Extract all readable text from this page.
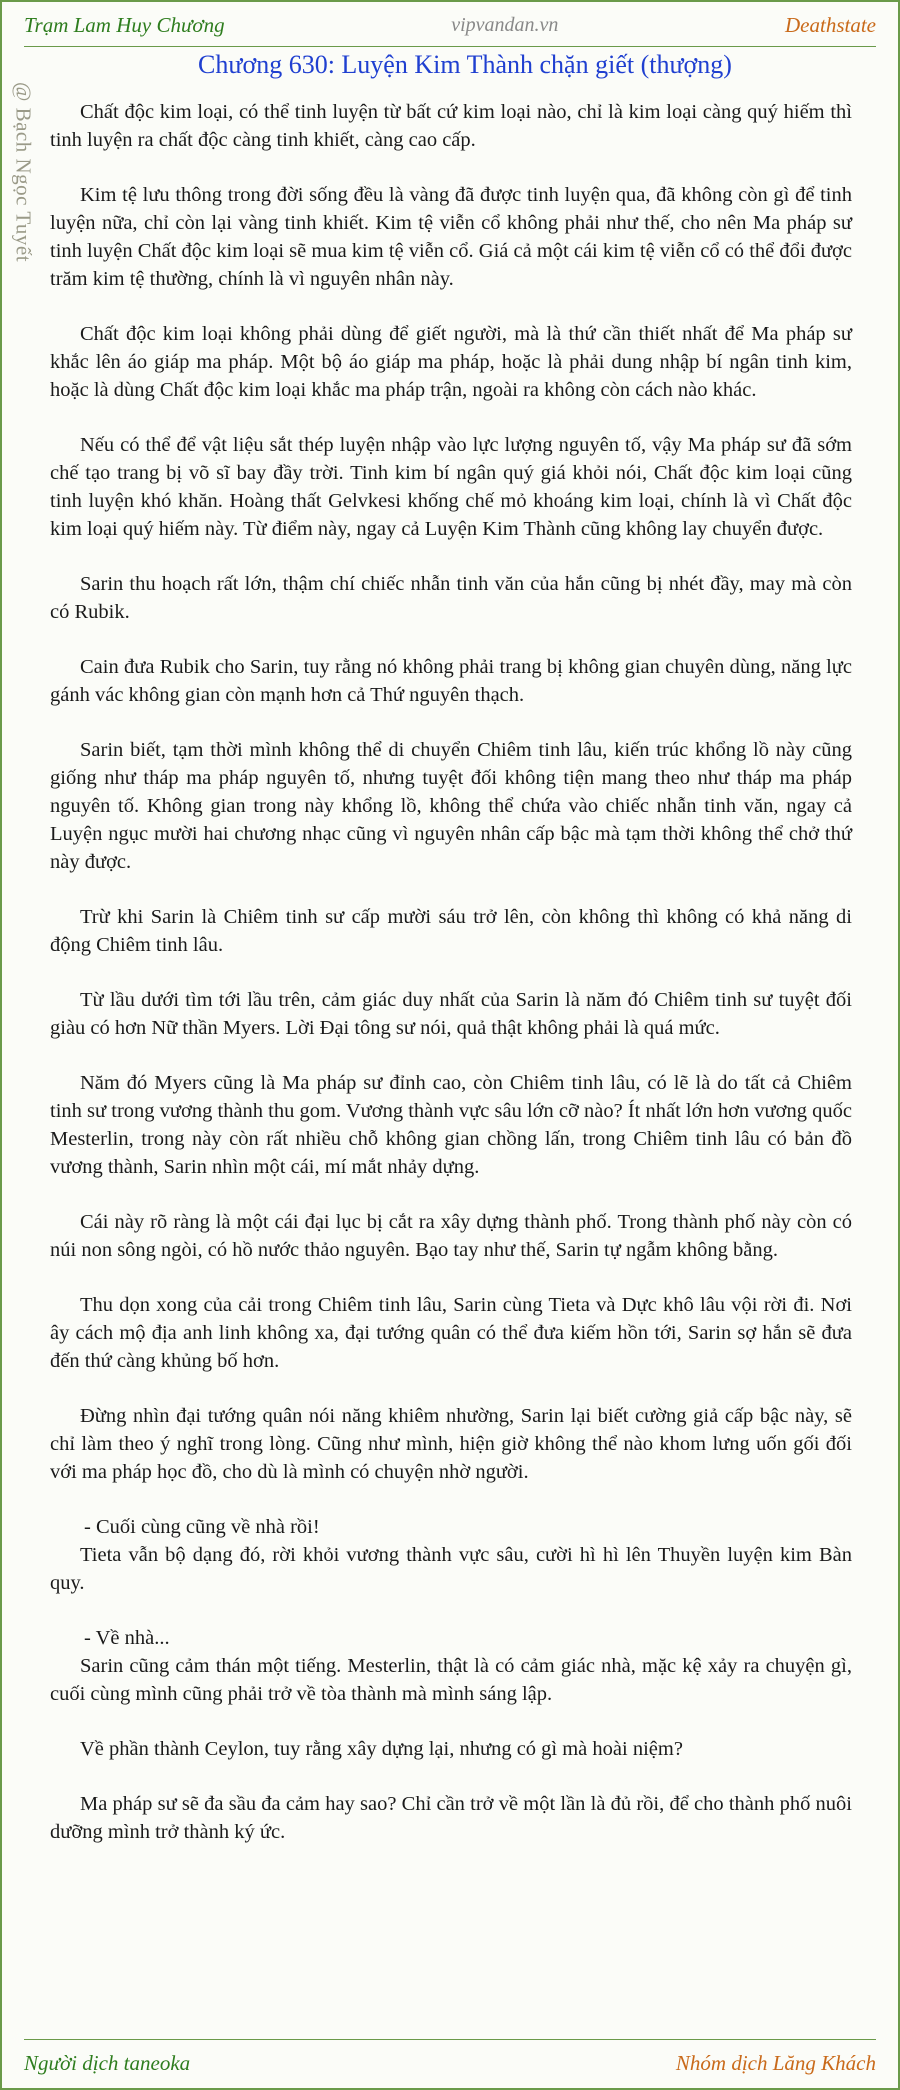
Trạm Lam Huy Chương	vipvandan.vn	Deathstate
@ Bạch Ngọc Tuyết
Chương 630: Luyện Kim Thành chặn giết (thượng)

Chất độc kim loại, có thể tinh luyện từ bất cứ kim loại nào, chỉ là kim loại càng quý hiếm thì tinh luyện ra chất độc càng tinh khiết, càng cao cấp.

Kim tệ lưu thông trong đời sống đều là vàng đã được tinh luyện qua, đã không còn gì để tinh luyện nữa, chỉ còn lại vàng tinh khiết. Kim tệ viễn cổ không phải như thế, cho nên Ma pháp sư tinh luyện Chất độc kim loại sẽ mua kim tệ viễn cổ. Giá cả một cái kim tệ viễn cổ có thể đổi được trăm kim tệ thường, chính là vì nguyên nhân này.

Chất độc kim loại không phải dùng để giết người, mà là thứ cần thiết nhất để Ma pháp sư khắc lên áo giáp ma pháp. Một bộ áo giáp ma pháp, hoặc là phải dung nhập bí ngân tinh kim, hoặc là dùng Chất độc kim loại khắc ma pháp trận, ngoài ra không còn cách nào khác.

Nếu có thể để vật liệu sắt thép luyện nhập vào lực lượng nguyên tố, vậy Ma pháp sư đã sớm chế tạo trang bị võ sĩ bay đầy trời. Tinh kim bí ngân quý giá khỏi nói, Chất độc kim loại cũng tinh luyện khó khăn. Hoàng thất Gelvkesi khống chế mỏ khoáng kim loại, chính là vì Chất độc kim loại quý hiếm này. Từ điểm này, ngay cả Luyện Kim Thành cũng không lay chuyển được.

Sarin thu hoạch rất lớn, thậm chí chiếc nhẫn tinh văn của hắn cũng bị nhét đầy, may mà còn có Rubik.

Cain đưa Rubik cho Sarin, tuy rằng nó không phải trang bị không gian chuyên dùng, năng lực gánh vác không gian còn mạnh hơn cả Thứ nguyên thạch.

Sarin biết, tạm thời mình không thể di chuyển Chiêm tinh lâu, kiến trúc khổng lồ này cũng giống như tháp ma pháp nguyên tố, nhưng tuyệt đối không tiện mang theo như tháp ma pháp nguyên tố. Không gian trong này khổng lồ, không thể chứa vào chiếc nhẫn tinh văn, ngay cả Luyện ngục mười hai chương nhạc cũng vì nguyên nhân cấp bậc mà tạm thời không thể chở thứ này được.

Trừ khi Sarin là Chiêm tinh sư cấp mười sáu trở lên, còn không thì không có khả năng di động Chiêm tinh lâu.

Từ lầu dưới tìm tới lầu trên, cảm giác duy nhất của Sarin là năm đó Chiêm tinh sư tuyệt đối giàu có hơn Nữ thần Myers. Lời Đại tông sư nói, quả thật không phải là quá mức.

Năm đó Myers cũng là Ma pháp sư đỉnh cao, còn Chiêm tinh lâu, có lẽ là do tất cả Chiêm tinh sư trong vương thành thu gom. Vương thành vực sâu lớn cỡ nào? Ít nhất lớn hơn vương quốc Mesterlin, trong này còn rất nhiều chỗ không gian chồng lấn, trong Chiêm tinh lâu có bản đồ vương thành, Sarin nhìn một cái, mí mắt nhảy dựng.

Cái này rõ ràng là một cái đại lục bị cắt ra xây dựng thành phố. Trong thành phố này còn có núi non sông ngòi, có hồ nước thảo nguyên. Bạo tay như thế, Sarin tự ngẫm không bằng.

Thu dọn xong của cải trong Chiêm tinh lâu, Sarin cùng Tieta và Dực khô lâu vội rời đi. Nơi ây cách mộ địa anh linh không xa, đại tướng quân có thể đưa kiếm hồn tới, Sarin sợ hắn sẽ đưa đến thứ càng khủng bố hơn.

Đừng nhìn đại tướng quân nói năng khiêm nhường, Sarin lại biết cường giả cấp bậc này, sẽ chỉ làm theo ý nghĩ trong lòng. Cũng như mình, hiện giờ không thể nào khom lưng uốn gối đối với ma pháp học đồ, cho dù là mình có chuyện nhờ người.

- Cuối cùng cũng về nhà rồi!

Tieta vẫn bộ dạng đó, rời khỏi vương thành vực sâu, cười hì hì lên Thuyền luyện kim Bàn quy.

- Về nhà...

Sarin cũng cảm thán một tiếng. Mesterlin, thật là có cảm giác nhà, mặc kệ xảy ra chuyện gì, cuối cùng mình cũng phải trở về tòa thành mà mình sáng lập.

Về phần thành Ceylon, tuy rằng xây dựng lại, nhưng có gì mà hoài niệm?

Ma pháp sư sẽ đa sầu đa cảm hay sao? Chỉ cần trở về một lần là đủ rồi, để cho thành phố nuôi dưỡng mình trở thành ký ức.

Người dịch taneoka	Nhóm dịch Lăng Khách
